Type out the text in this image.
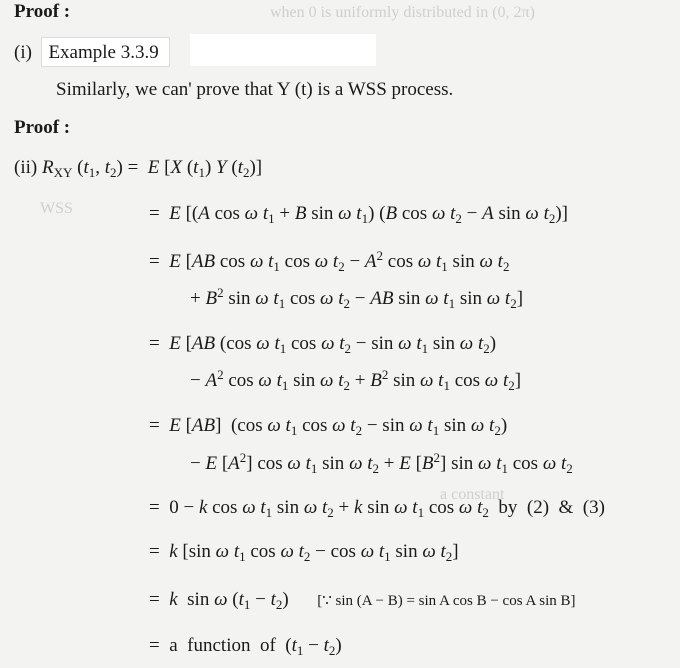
when 0 is uniformly distributed in (0, 2π)
WSS
a constant
Proof :
(i) Example 3.3.9
Similarly, we can' prove that Y (t) is a WSS process.
Proof :
(ii) $R_{XY}$ ($t_1$, $t_2) = E$ [X $(t_1)$ Y $(t_2)$]
=  E [(A cos ω $t_1 + B$ sin ω $t_1$) (B cos ω $t_2 - A$ sin ω $t_2$)]
=  E [AB cos ω $t_1$ cos ω $t_2 - A^2$ cos ω $t_1$ sin ω $t_2$
+ $B^2$ sin ω $t_1$ cos ω $t_2$ − AB sin ω $t_1$ sin ω $t_2$]
=  E [AB (cos ω $t_1$ cos ω $t_2 - \sin \omega$ $t_1$ sin ω $t_2$)
− $A^2$ cos ω $t_1$ sin ω $t_2 + B^2$ sin ω $t_1$ cos ω $t_2$]
=  E [AB]  (cos ω $t_1$ cos ω $t_2 - \sin \omega$ $t_1$ sin ω $t_2$)
− E $[A^2]$ cos ω $t_1$ sin ω $t_2 + E$ $[B^2]$ sin ω $t_1$ cos ω $t_2$
=  0 − k cos ω $t_1$ sin ω $t_2 + k$ sin ω $t_1$ cos ω $t_2$  by  (2)  &  (3)
=  k [sin ω $t_1$ cos ω $t_2 - \cos \omega$ $t_1$ sin ω $t_2$]
=  k  sin ω $(t_1 - t_2)$      [∵ sin (A − B) = sin A cos B − cos A sin B]
=  a  function  of  $(t_1 - t_2)$
